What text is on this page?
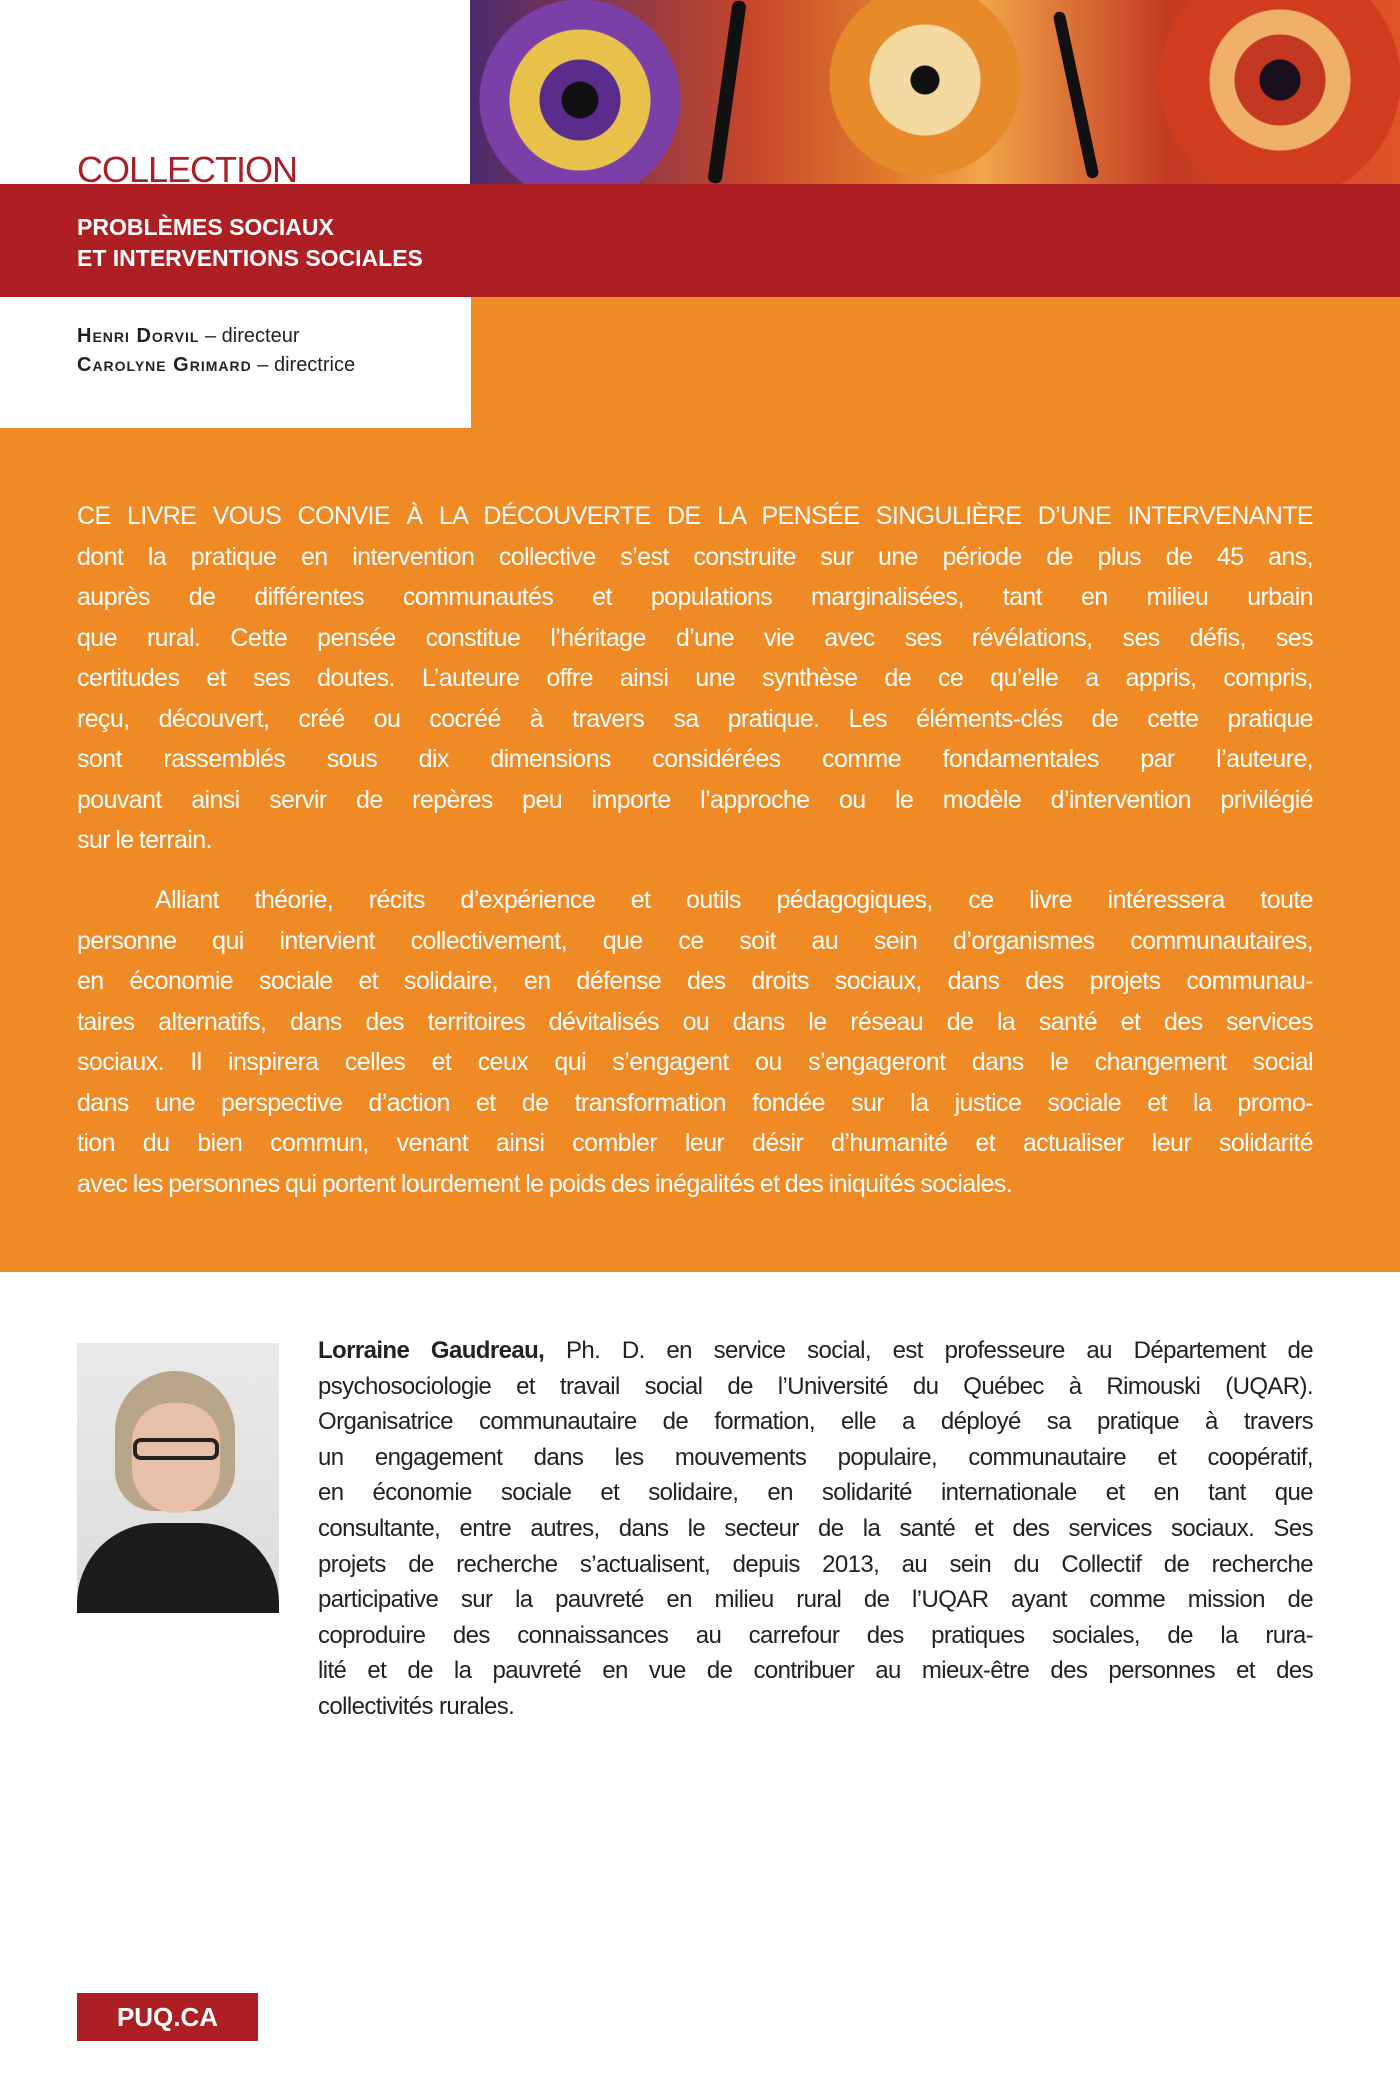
COLLECTION
PROBLÈMES SOCIAUX
ET INTERVENTIONS SOCIALES
Henri Dorvil – directeur
Carolyne Grimard – directrice
CE LIVRE VOUS CONVIE À LA DÉCOUVERTE DE LA PENSÉE SINGULIÈRE D’UNE INTERVENANTE
dont la pratique en intervention collective s’est construite sur une période de plus de 45 ans,
auprès de différentes communautés et populations marginalisées, tant en milieu urbain
que rural. Cette pensée constitue l’héritage d’une vie avec ses révélations, ses défis, ses
certitudes et ses doutes. L’auteure offre ainsi une synthèse de ce qu’elle a appris, compris,
reçu, découvert, créé ou cocréé à travers sa pratique. Les éléments-clés de cette pratique
sont rassemblés sous dix dimensions considérées comme fondamentales par l’auteure,
pouvant ainsi servir de repères peu importe l’approche ou le modèle d’intervention privilégié
sur le terrain.
Alliant théorie, récits d’expérience et outils pédagogiques, ce livre intéressera toute
personne qui intervient collectivement, que ce soit au sein d’organismes communautaires,
en économie sociale et solidaire, en défense des droits sociaux, dans des projets communau-
taires alternatifs, dans des territoires dévitalisés ou dans le réseau de la santé et des services
sociaux. Il inspirera celles et ceux qui s’engagent ou s’engageront dans le changement social
dans une perspective d’action et de transformation fondée sur la justice sociale et la promo-
tion du bien commun, venant ainsi combler leur désir d’humanité et actualiser leur solidarité
avec les personnes qui portent lourdement le poids des inégalités et des iniquités sociales.
Lorraine Gaudreau, Ph. D. en service social, est professeure au Département de
psychosociologie et travail social de l’Université du Québec à Rimouski (UQAR).
Organisatrice communautaire de formation, elle a déployé sa pratique à travers
un engagement dans les mouvements populaire, communautaire et coopératif,
en économie sociale et solidaire, en solidarité internationale et en tant que
consultante, entre autres, dans le secteur de la santé et des services sociaux. Ses
projets de recherche s’actualisent, depuis 2013, au sein du Collectif de recherche
participative sur la pauvreté en milieu rural de l’UQAR ayant comme mission de
coproduire des connaissances au carrefour des pratiques sociales, de la rura-
lité et de la pauvreté en vue de contribuer au mieux-être des personnes et des
collectivités rurales.
PUQ.CA
